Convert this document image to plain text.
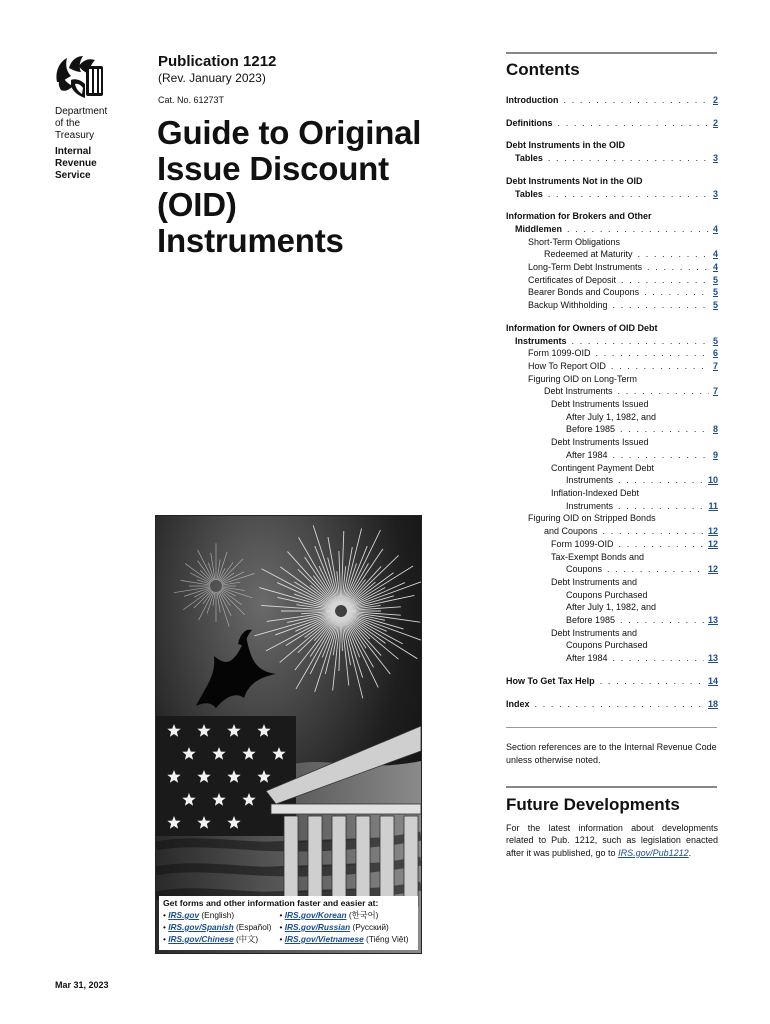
Department
of the
Treasury
Internal
Revenue
Service
Publication 1212
(Rev. January 2023)
Cat. No. 61273T
Guide to Original
Issue Discount
(OID)
Instruments
Get forms and other information faster and easier at:
• IRS.gov (English)
• IRS.gov/Spanish (Español)
• IRS.gov/Chinese (中文)
• IRS.gov/Korean (한국어)
• IRS.gov/Russian (Русский)
• IRS.gov/Vietnamese (Tiếng Việt)
Mar 31, 2023
Contents
Introduction . . .	2
Definitions . . .	2
Debt Instruments in the OID
Tables . . .	3
Debt Instruments Not in the OID
Tables . . .	3
Information for Brokers and Other
Middlemen . . .	4
Short-Term Obligations
Redeemed at Maturity . . .	4
Long-Term Debt Instruments . . .	4
Certificates of Deposit . . .	5
Bearer Bonds and Coupons . . .	5
Backup Withholding . . .	5
Information for Owners of OID Debt
Instruments . . .	5
Form 1099-OID . . .	6
How To Report OID . . .	7
Figuring OID on Long-Term
Debt Instruments . . .	7
Debt Instruments Issued
After July 1, 1982, and
Before 1985 . . .	8
Debt Instruments Issued
After 1984 . . .	9
Contingent Payment Debt
Instruments . . .	10
Inflation-Indexed Debt
Instruments . . .	11
Figuring OID on Stripped Bonds
and Coupons . . .	12
Form 1099-OID . . .	12
Tax-Exempt Bonds and
Coupons . . .	12
Debt Instruments and
Coupons Purchased
After July 1, 1982, and
Before 1985 . . .	13
Debt Instruments and
Coupons Purchased
After 1984 . . .	13
How To Get Tax Help . . .	14
Index . . .	18
Section references are to the Internal Revenue Code unless otherwise noted.
Future Developments
For the latest information about developments related to Pub. 1212, such as legislation enacted after it was published, go to IRS.gov/Pub1212.
